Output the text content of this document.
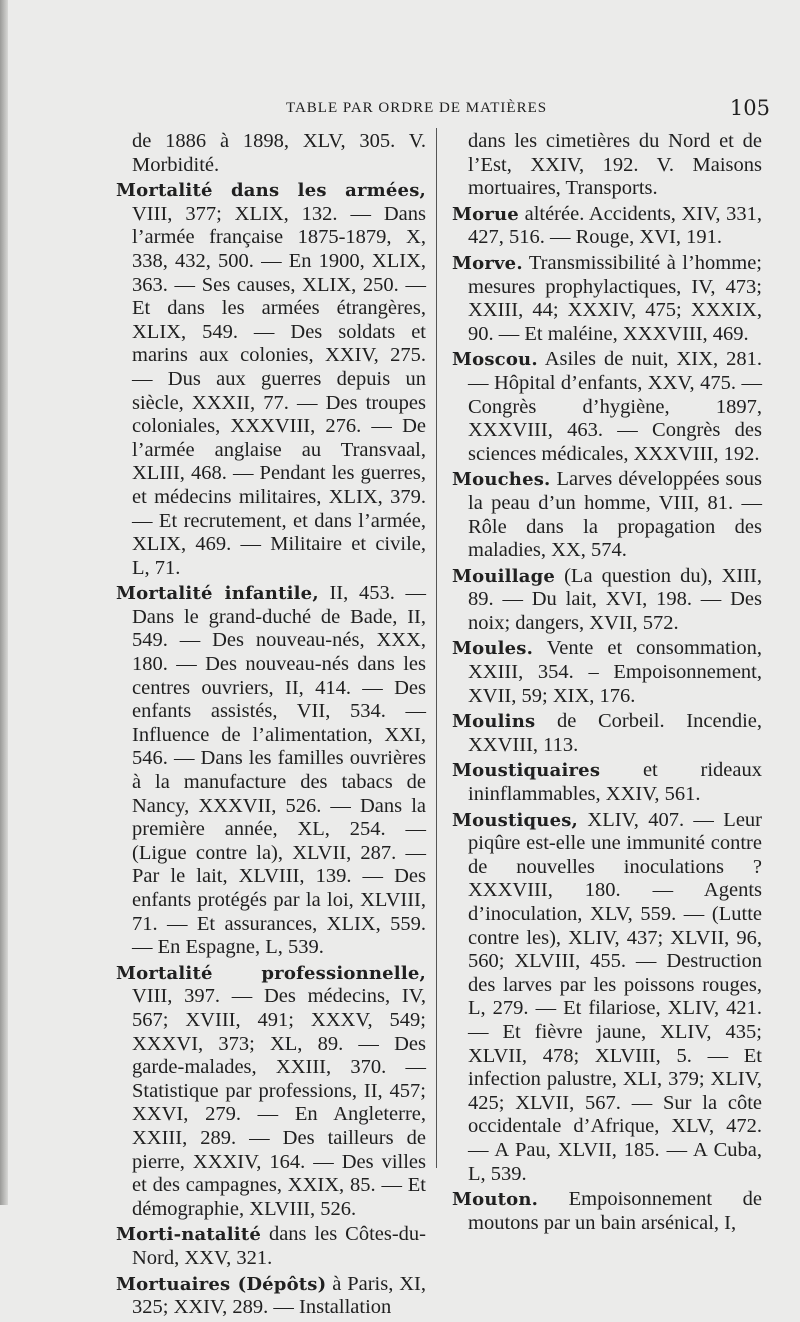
TABLE PAR ORDRE DE MATIÈRES	105

de 1886 à 1898, XLV, 305. V. Morbidité.

Mortalité dans les armées, VIII, 377; XLIX, 132. — Dans l’armée française 1875-1879, X, 338, 432, 500. — En 1900, XLIX, 363. — Ses causes, XLIX, 250. — Et dans les armées étrangères, XLIX, 549. — Des soldats et marins aux colonies, XXIV, 275. — Dus aux guerres depuis un siècle, XXXII, 77. — Des troupes coloniales, XXXVIII, 276. — De l’armée anglaise au Transvaal, XLIII, 468. — Pendant les guerres, et médecins militaires, XLIX, 379. — Et recrutement, et dans l’armée, XLIX, 469. — Militaire et civile, L, 71.

Mortalité infantile, II, 453. — Dans le grand-duché de Bade, II, 549. — Des nouveau-nés, XXX, 180. — Des nouveau-nés dans les centres ouvriers, II, 414. — Des enfants assistés, VII, 534. — Influence de l’alimentation, XXI, 546. — Dans les familles ouvrières à la manufacture des tabacs de Nancy, XXXVII, 526. — Dans la première année, XL, 254. — (Ligue contre la), XLVII, 287. — Par le lait, XLVIII, 139. — Des enfants protégés par la loi, XLVIII, 71. — Et assurances, XLIX, 559. — En Espagne, L, 539.

Mortalité professionnelle, VIII, 397. — Des médecins, IV, 567; XVIII, 491; XXXV, 549; XXXVI, 373; XL, 89. — Des garde-malades, XXIII, 370. — Statistique par professions, II, 457; XXVI, 279. — En Angleterre, XXIII, 289. — Des tailleurs de pierre, XXXIV, 164. — Des villes et des campagnes, XXIX, 85. — Et démographie, XLVIII, 526.

Morti-natalité dans les Côtes-du-Nord, XXV, 321.

Mortuaires (Dépôts) à Paris, XI, 325; XXIV, 289. — Installation

dans les cimetières du Nord et de l’Est, XXIV, 192. V. Maisons mortuaires, Transports.

Morue altérée. Accidents, XIV, 331, 427, 516. — Rouge, XVI, 191.

Morve. Transmissibilité à l’homme; mesures prophylactiques, IV, 473; XXIII, 44; XXXIV, 475; XXXIX, 90. — Et maléine, XXXVIII, 469.

Moscou. Asiles de nuit, XIX, 281. — Hôpital d’enfants, XXV, 475. — Congrès d’hygiène, 1897, XXXVIII, 463. — Congrès des sciences médicales, XXXVIII, 192.

Mouches. Larves développées sous la peau d’un homme, VIII, 81. — Rôle dans la propagation des maladies, XX, 574.

Mouillage (La question du), XIII, 89. — Du lait, XVI, 198. — Des noix; dangers, XVII, 572.

Moules. Vente et consommation, XXIII, 354. – Empoisonnement, XVII, 59; XIX, 176.

Moulins de Corbeil. Incendie, XXVIII, 113.

Moustiquaires et rideaux ininflammables, XXIV, 561.

Moustiques, XLIV, 407. — Leur piqûre est-elle une immunité contre de nouvelles inoculations ? XXXVIII, 180. — Agents d’inoculation, XLV, 559. — (Lutte contre les), XLIV, 437; XLVII, 96, 560; XLVIII, 455. — Destruction des larves par les poissons rouges, L, 279. — Et filariose, XLIV, 421. — Et fièvre jaune, XLIV, 435; XLVII, 478; XLVIII, 5. — Et infection palustre, XLI, 379; XLIV, 425; XLVII, 567. — Sur la côte occidentale d’Afrique, XLV, 472. — A Pau, XLVII, 185. — A Cuba, L, 539.

Mouton. Empoisonnement de moutons par un bain arsénical, I,
